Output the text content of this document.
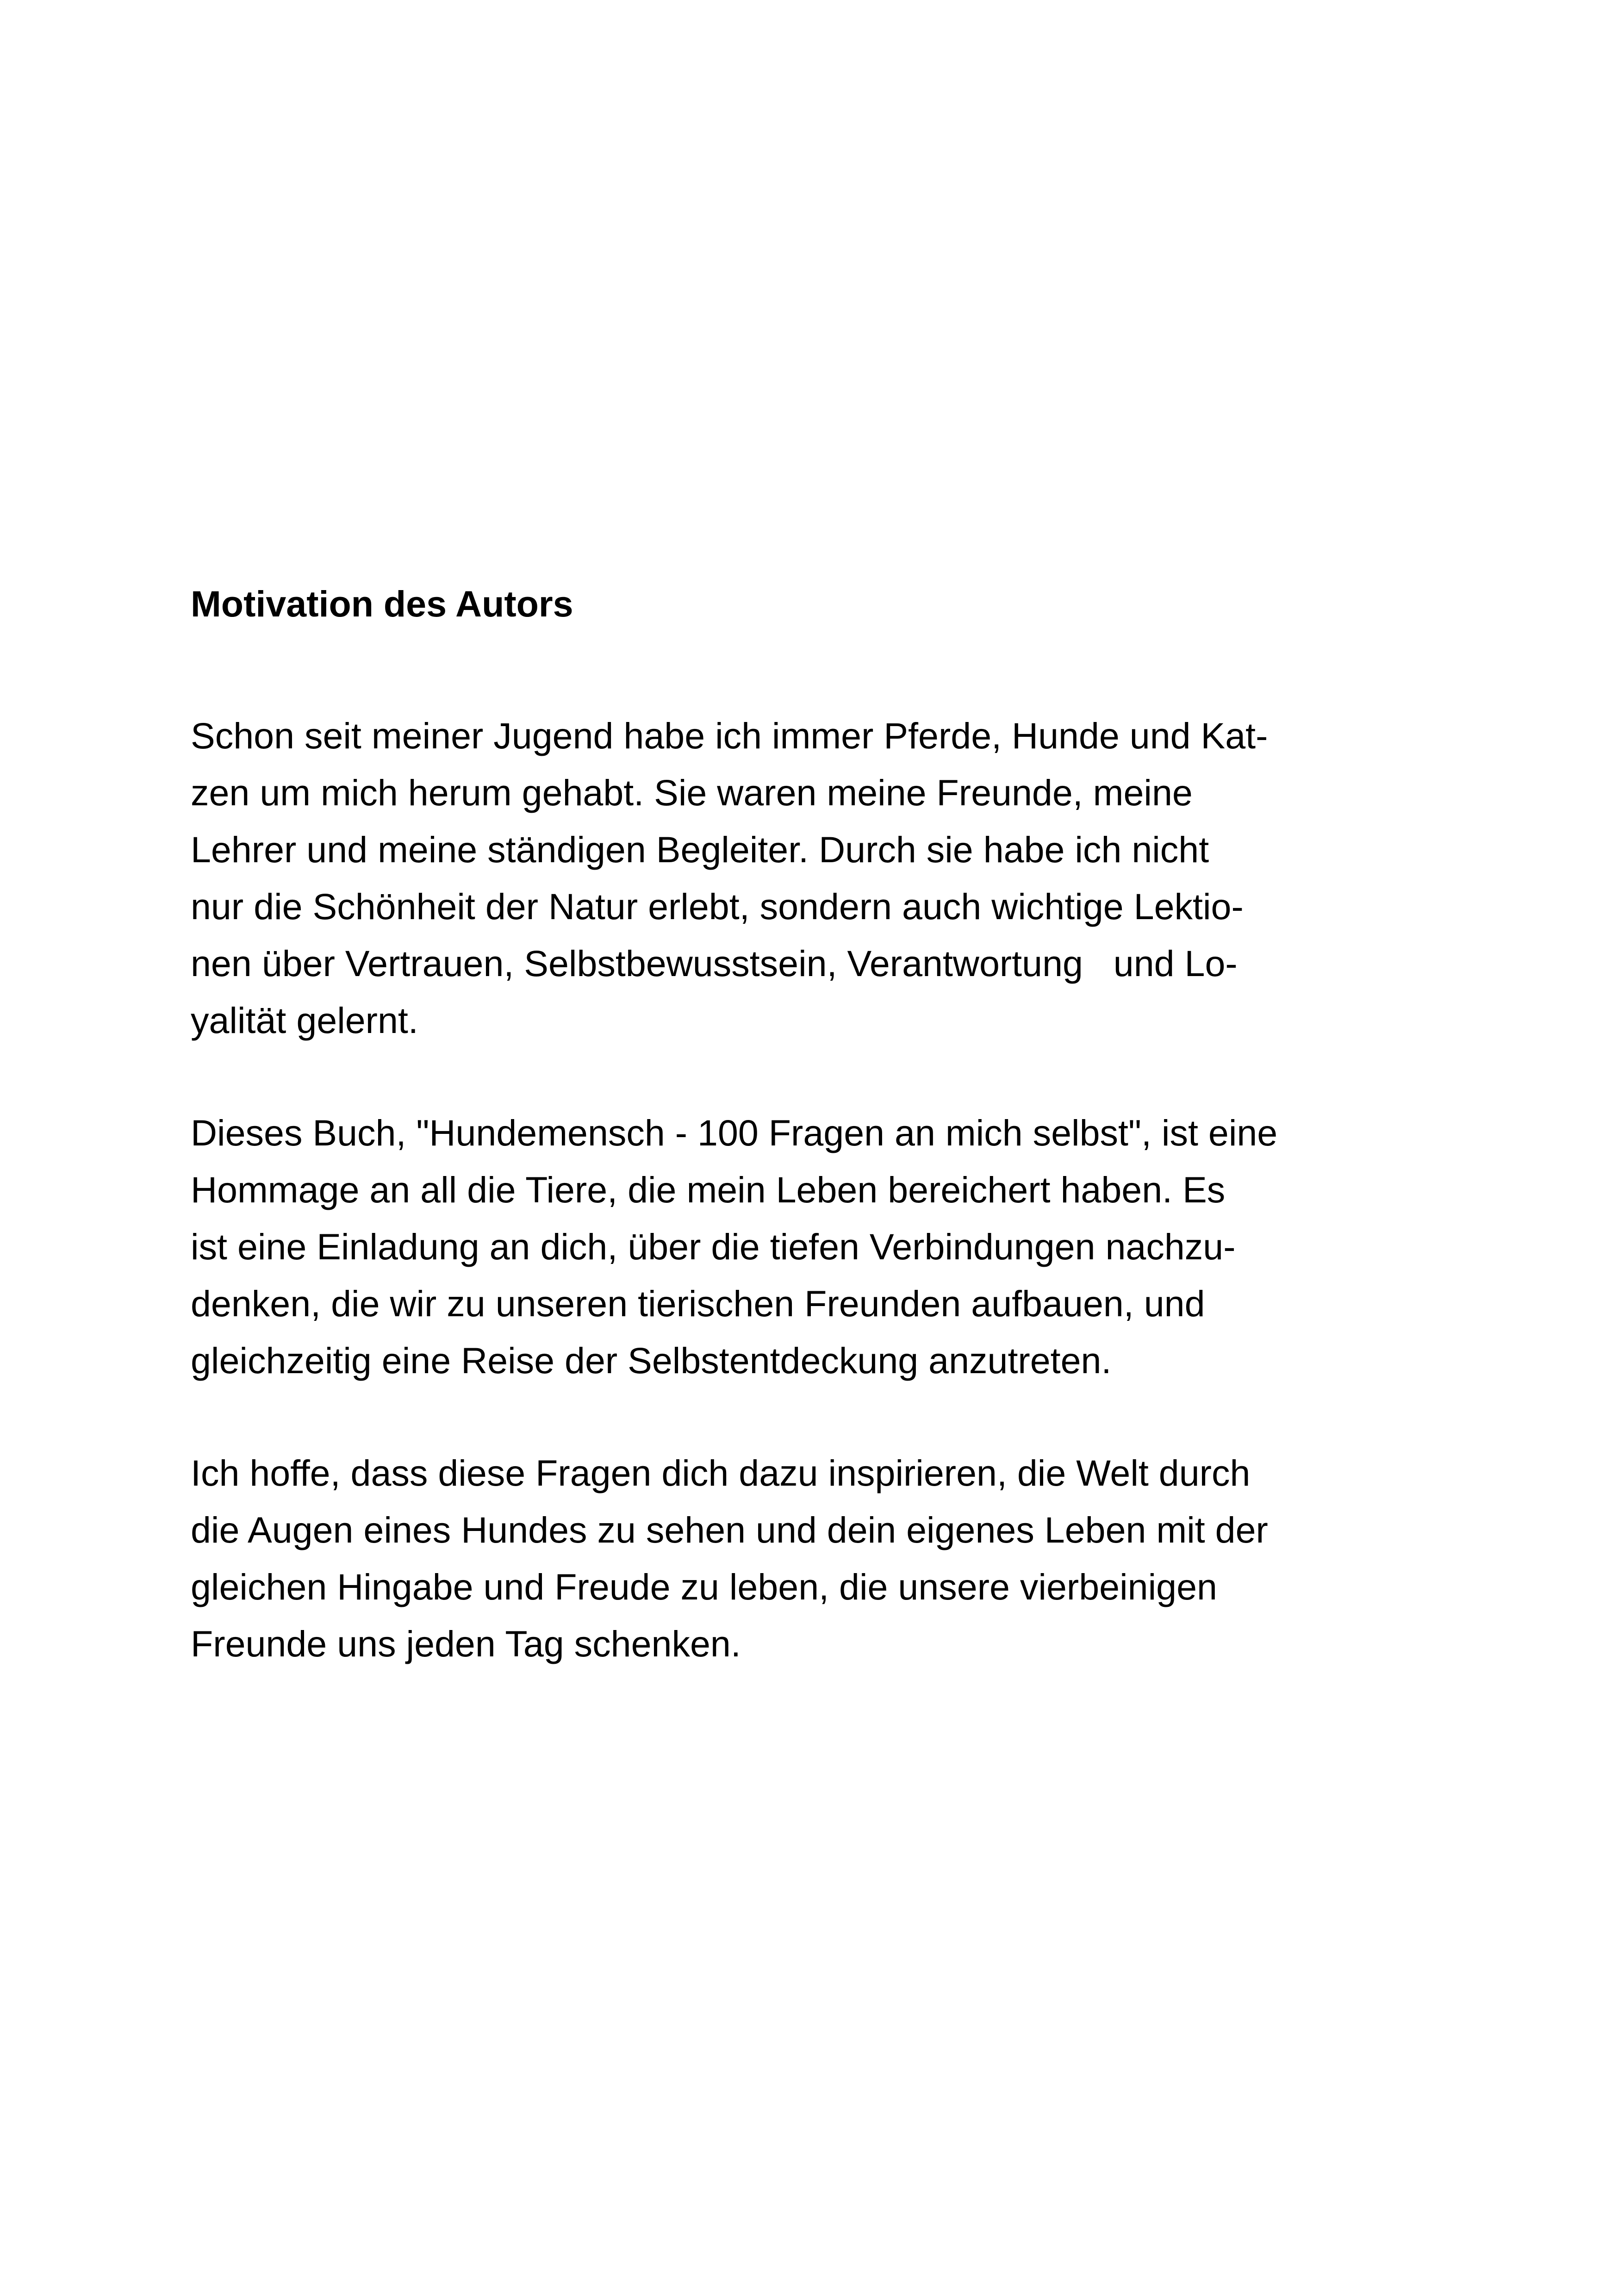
Motivation des Autors

Schon seit meiner Jugend habe ich immer Pferde, Hunde und Kat-
zen um mich herum gehabt. Sie waren meine Freunde, meine
Lehrer und meine ständigen Begleiter. Durch sie habe ich nicht
nur die Schönheit der Natur erlebt, sondern auch wichtige Lektio-
nen über Vertrauen, Selbstbewusstsein, Verantwortung   und Lo-
yalität gelernt.

Dieses Buch, "Hundemensch - 100 Fragen an mich selbst", ist eine
Hommage an all die Tiere, die mein Leben bereichert haben. Es
ist eine Einladung an dich, über die tiefen Verbindungen nachzu-
denken, die wir zu unseren tierischen Freunden aufbauen, und
gleichzeitig eine Reise der Selbstentdeckung anzutreten.

Ich hoffe, dass diese Fragen dich dazu inspirieren, die Welt durch
die Augen eines Hundes zu sehen und dein eigenes Leben mit der
gleichen Hingabe und Freude zu leben, die unsere vierbeinigen
Freunde uns jeden Tag schenken.
